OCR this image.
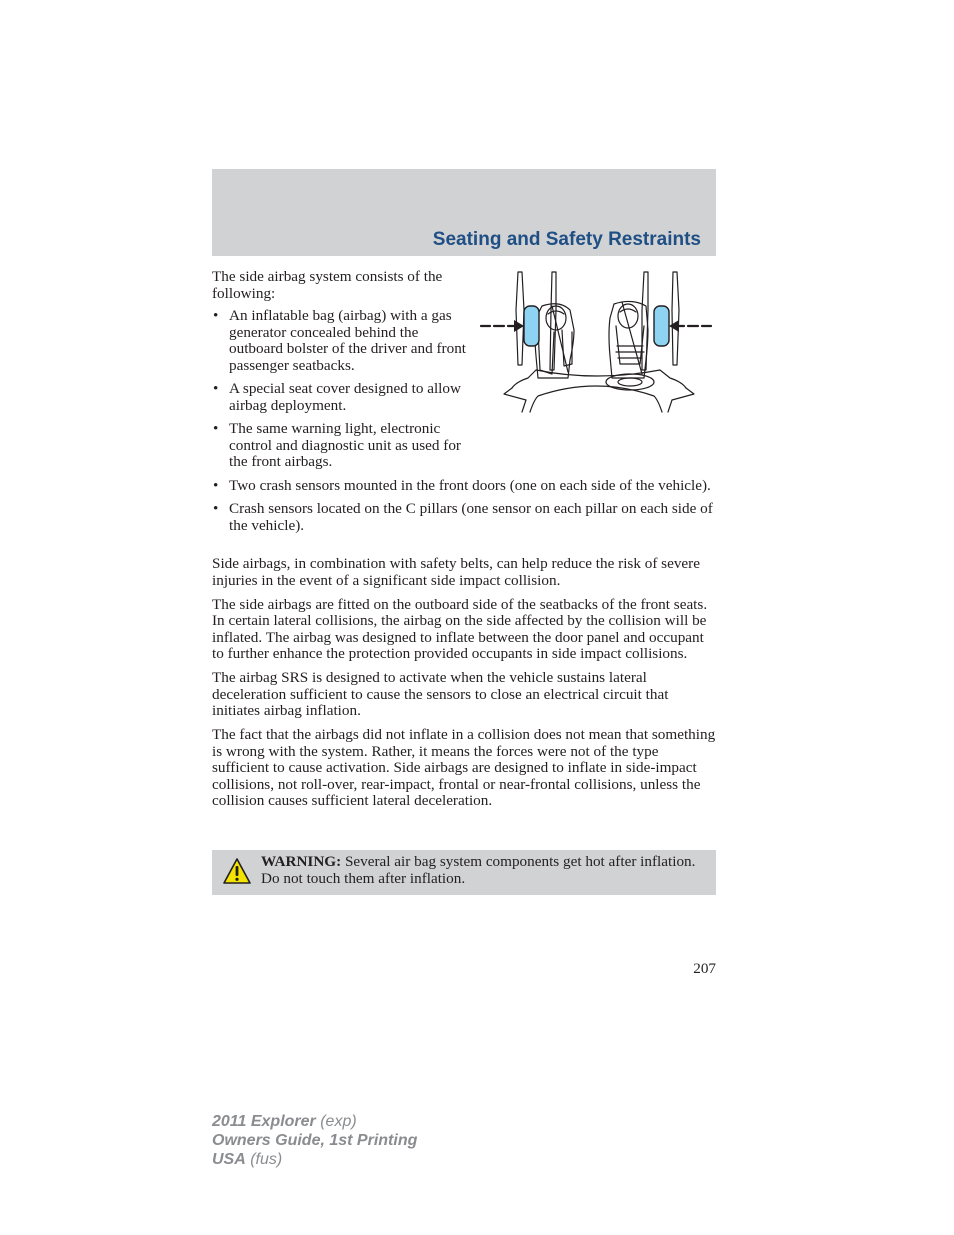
Seating and Safety Restraints

The side airbag system consists of the following:

• An inflatable bag (airbag) with a gas generator concealed behind the outboard bolster of the driver and front passenger seatbacks.
• A special seat cover designed to allow airbag deployment.
• The same warning light, electronic control and diagnostic unit as used for the front airbags.
• Two crash sensors mounted in the front doors (one on each side of the vehicle).
• Crash sensors located on the C pillars (one sensor on each pillar on each side of the vehicle).

Side airbags, in combination with safety belts, can help reduce the risk of severe injuries in the event of a significant side impact collision.

The side airbags are fitted on the outboard side of the seatbacks of the front seats. In certain lateral collisions, the airbag on the side affected by the collision will be inflated. The airbag was designed to inflate between the door panel and occupant to further enhance the protection provided occupants in side impact collisions.

The airbag SRS is designed to activate when the vehicle sustains lateral deceleration sufficient to cause the sensors to close an electrical circuit that initiates airbag inflation.

The fact that the airbags did not inflate in a collision does not mean that something is wrong with the system. Rather, it means the forces were not of the type sufficient to cause activation. Side airbags are designed to inflate in side-impact collisions, not roll-over, rear-impact, frontal or near-frontal collisions, unless the collision causes sufficient lateral deceleration.

WARNING: Several air bag system components get hot after inflation. Do not touch them after inflation.

207

2011 Explorer (exp)
Owners Guide, 1st Printing
USA (fus)
